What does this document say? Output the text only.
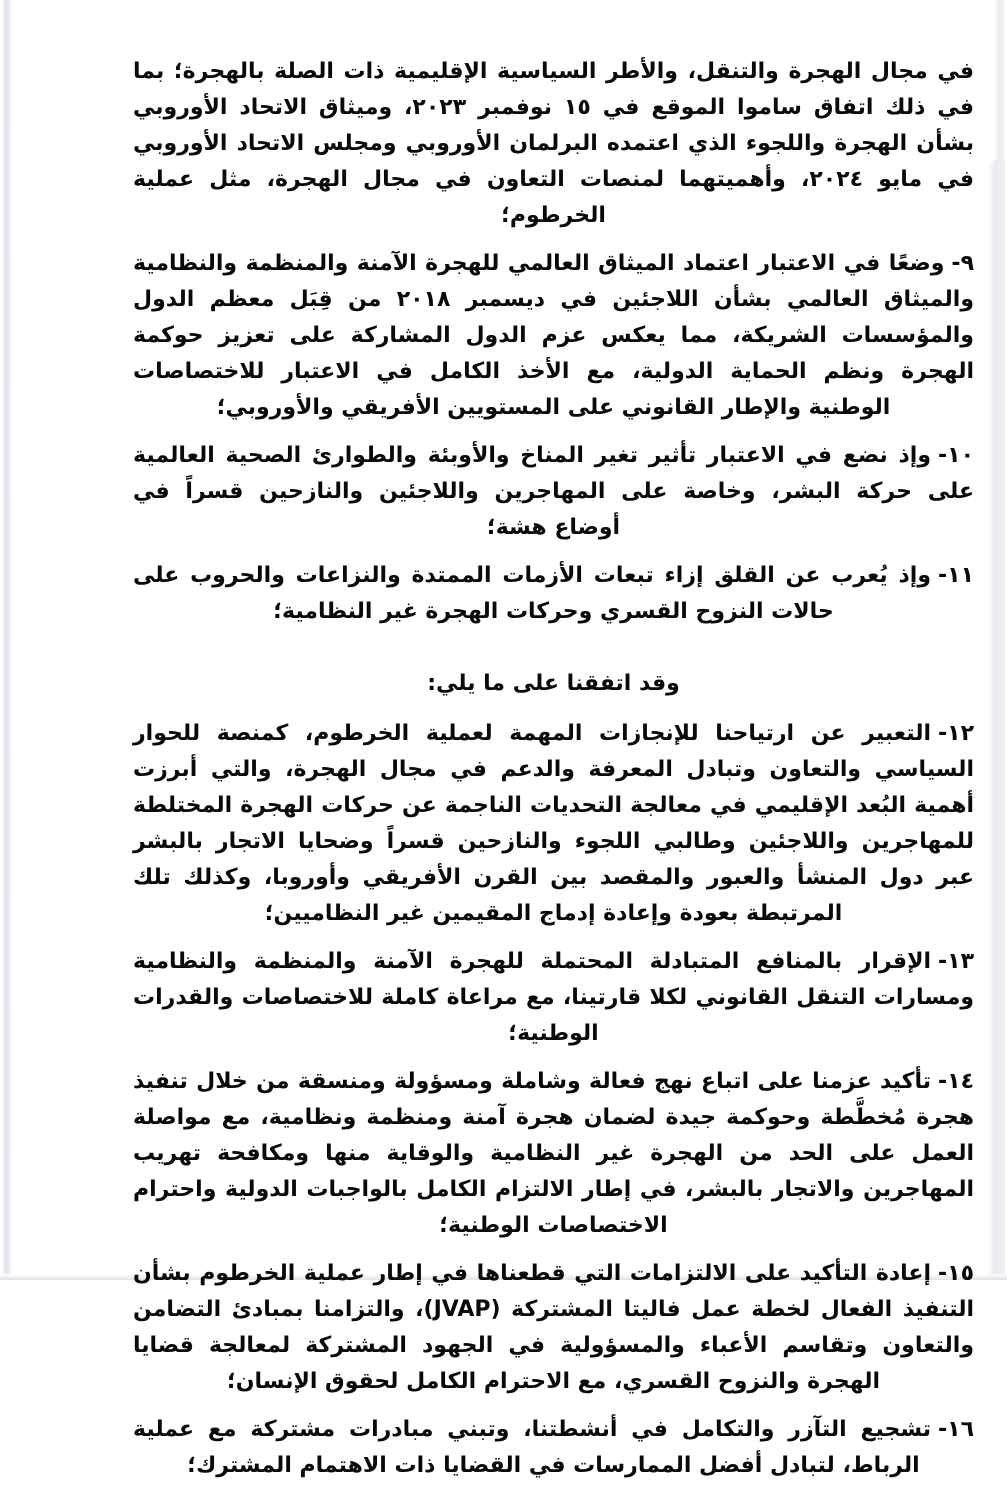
في مجال الهجرة والتنقل، والأطر السياسية الإقليمية ذات الصلة بالهجرة؛ بما في ذلك اتفاق ساموا الموقع في ١٥ نوفمبر ٢٠٢٣، وميثاق الاتحاد الأوروبي بشأن الهجرة واللجوء الذي اعتمده البرلمان الأوروبي ومجلس الاتحاد الأوروبي في مايو ٢٠٢٤، وأهميتهما لمنصات التعاون في مجال الهجرة، مثل عملية الخرطوم؛

٩-وضعًا في الاعتبار اعتماد الميثاق العالمي للهجرة الآمنة والمنظمة والنظامية والميثاق العالمي بشأن اللاجئين في ديسمبر ٢٠١٨ من قِبَل معظم الدول والمؤسسات الشريكة، مما يعكس عزم الدول المشاركة على تعزيز حوكمة الهجرة ونظم الحماية الدولية، مع الأخذ الكامل في الاعتبار للاختصاصات الوطنية والإطار القانوني على المستويين الأفريقي والأوروبي؛

١٠-وإذ نضع في الاعتبار تأثير تغير المناخ والأوبئة والطوارئ الصحية العالمية على حركة البشر، وخاصة على المهاجرين واللاجئين والنازحين قسراً في أوضاع هشة؛

١١-وإذ يُعرب عن القلق إزاء تبعات الأزمات الممتدة والنزاعات والحروب على حالات النزوح القسري وحركات الهجرة غير النظامية؛

وقد اتفقنا على ما يلي:

١٢-التعبير عن ارتياحنا للإنجازات المهمة لعملية الخرطوم، كمنصة للحوار السياسي والتعاون وتبادل المعرفة والدعم في مجال الهجرة، والتي أبرزت أهمية البُعد الإقليمي في معالجة التحديات الناجمة عن حركات الهجرة المختلطة للمهاجرين واللاجئين وطالبي اللجوء والنازحين قسراً وضحايا الاتجار بالبشر عبر دول المنشأ والعبور والمقصد بين القرن الأفريقي وأوروبا، وكذلك تلك المرتبطة بعودة وإعادة إدماج المقيمين غير النظاميين؛

١٣-الإقرار بالمنافع المتبادلة المحتملة للهجرة الآمنة والمنظمة والنظامية ومسارات التنقل القانوني لكلا قارتينا، مع مراعاة كاملة للاختصاصات والقدرات الوطنية؛

١٤-تأكيد عزمنا على اتباع نهج فعالة وشاملة ومسؤولة ومنسقة من خلال تنفيذ هجرة مُخطَّطة وحوكمة جيدة لضمان هجرة آمنة ومنظمة ونظامية، مع مواصلة العمل على الحد من الهجرة غير النظامية والوقاية منها ومكافحة تهريب المهاجرين والاتجار بالبشر، في إطار الالتزام الكامل بالواجبات الدولية واحترام الاختصاصات الوطنية؛

١٥-إعادة التأكيد على الالتزامات التي قطعناها في إطار عملية الخرطوم بشأن التنفيذ الفعال لخطة عمل فاليتا المشتركة (JVAP)، والتزامنا بمبادئ التضامن والتعاون وتقاسم الأعباء والمسؤولية في الجهود المشتركة لمعالجة قضايا الهجرة والنزوح القسري، مع الاحترام الكامل لحقوق الإنسان؛

١٦-تشجيع التآزر والتكامل في أنشطتنا، وتبني مبادرات مشتركة مع عملية الرباط، لتبادل أفضل الممارسات في القضايا ذات الاهتمام المشترك؛
